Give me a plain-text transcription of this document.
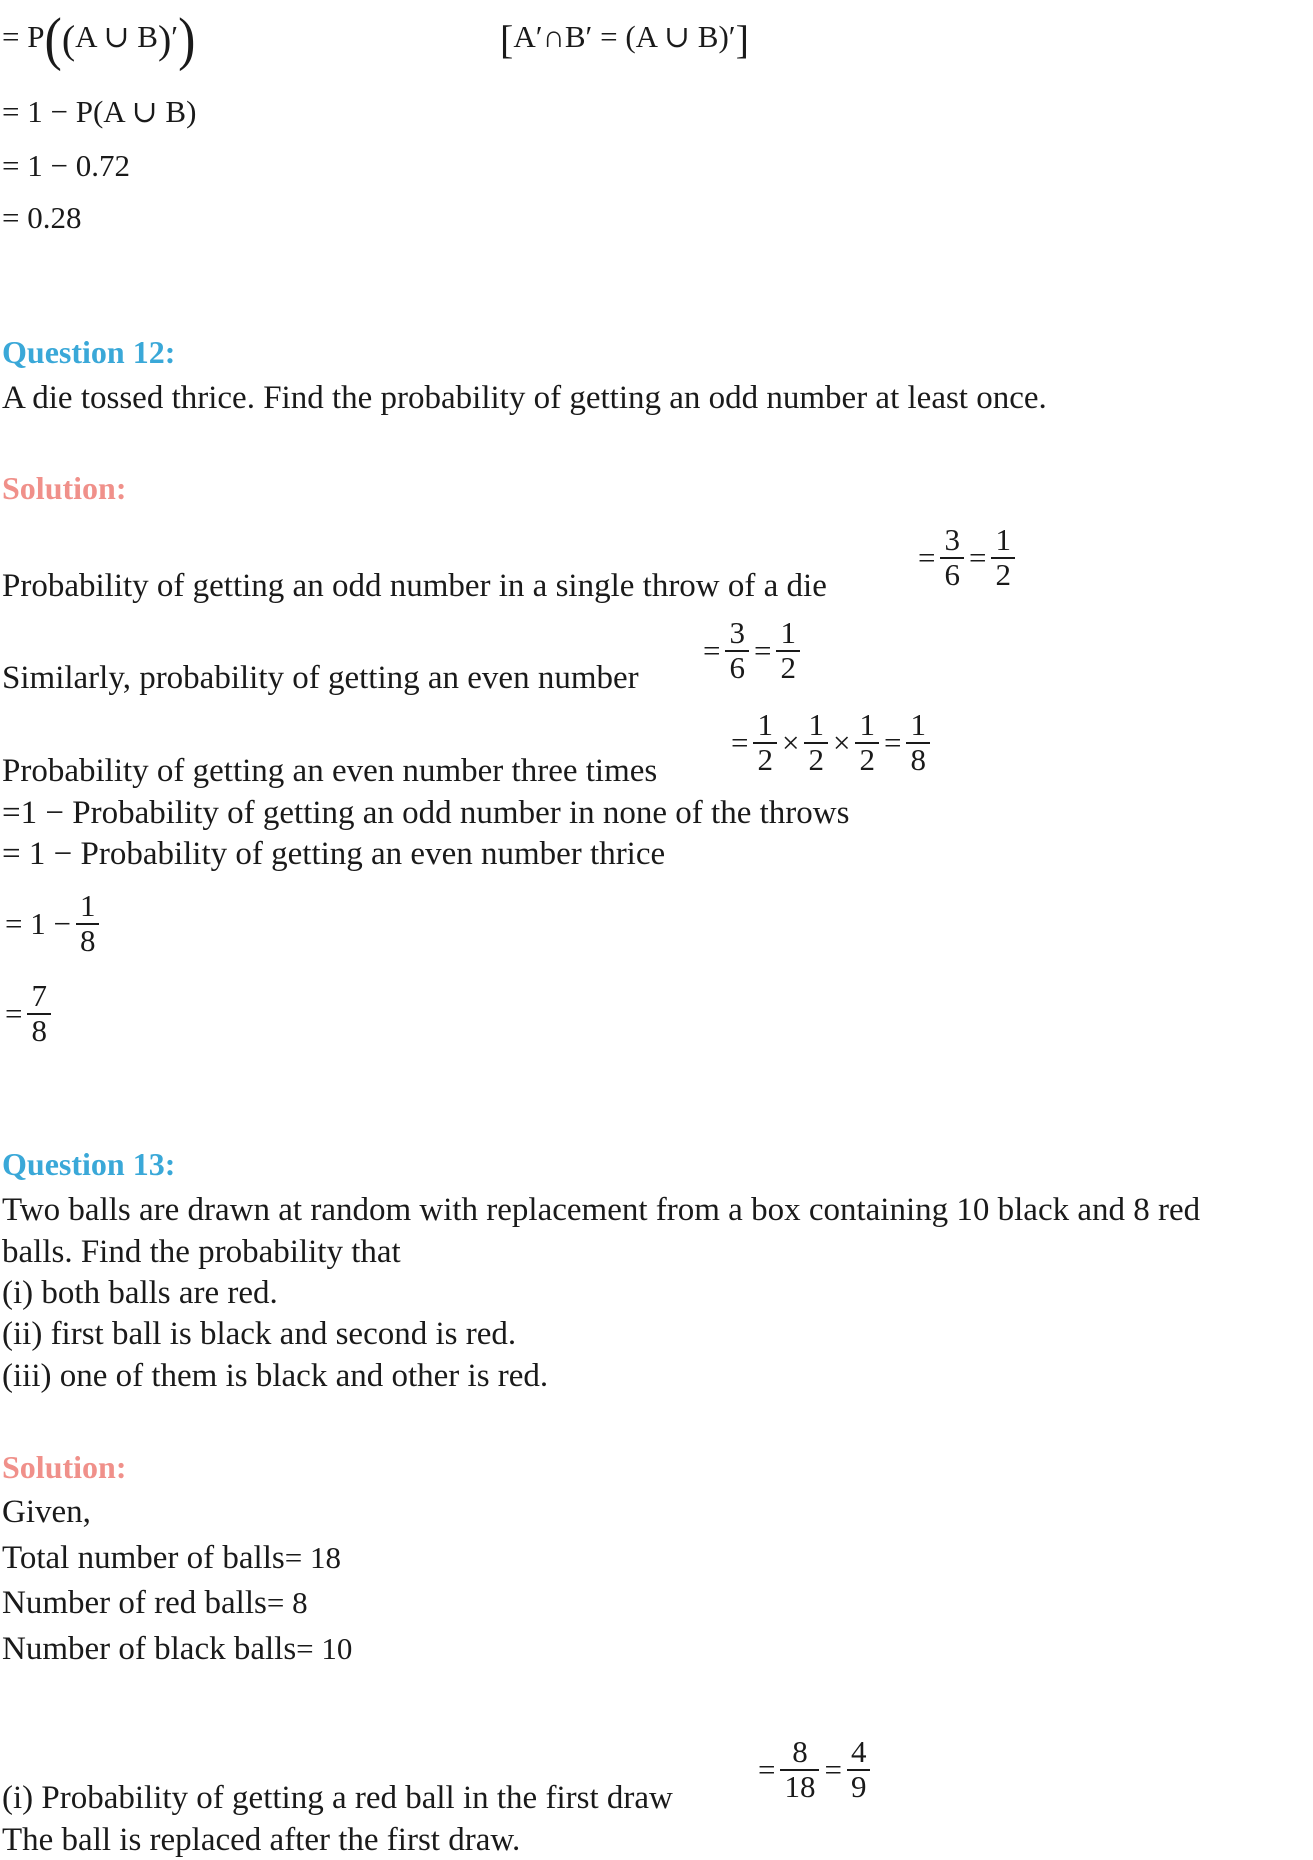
= P((A ∪ B)′)	[A′∩B′ = (A ∪ B)′]
= 1 − P(A ∪ B)
= 1 − 0.72
= 0.28
Question 12:
A die tossed thrice. Find the probability of getting an odd number at least once.
Solution:
Probability of getting an odd number in a single throw of a die
= $\frac{3}{6} = \frac{1}{2}$
Similarly, probability of getting an even number
= $\frac{3}{6} = \frac{1}{2}$
Probability of getting an even number three times
= $\frac{1}{2} \times \frac{1}{2} \times \frac{1}{2} = \frac{1}{8}$
=1 − Probability of getting an odd number in none of the throws
= 1 − Probability of getting an even number thrice
= $1 - \frac{1}{8}$
= $\frac{7}{8}$
Question 13:
Two balls are drawn at random with replacement from a box containing 10 black and 8 red
balls. Find the probability that
(i) both balls are red.
(ii) first ball is black and second is red.
(iii) one of them is black and other is red.
Solution:
Given,
Total number of balls= 18
Number of red balls= 8
Number of black balls= 10
(i) Probability of getting a red ball in the first draw
= $\frac{8}{18} = \frac{4}{9}$
The ball is replaced after the first draw.
